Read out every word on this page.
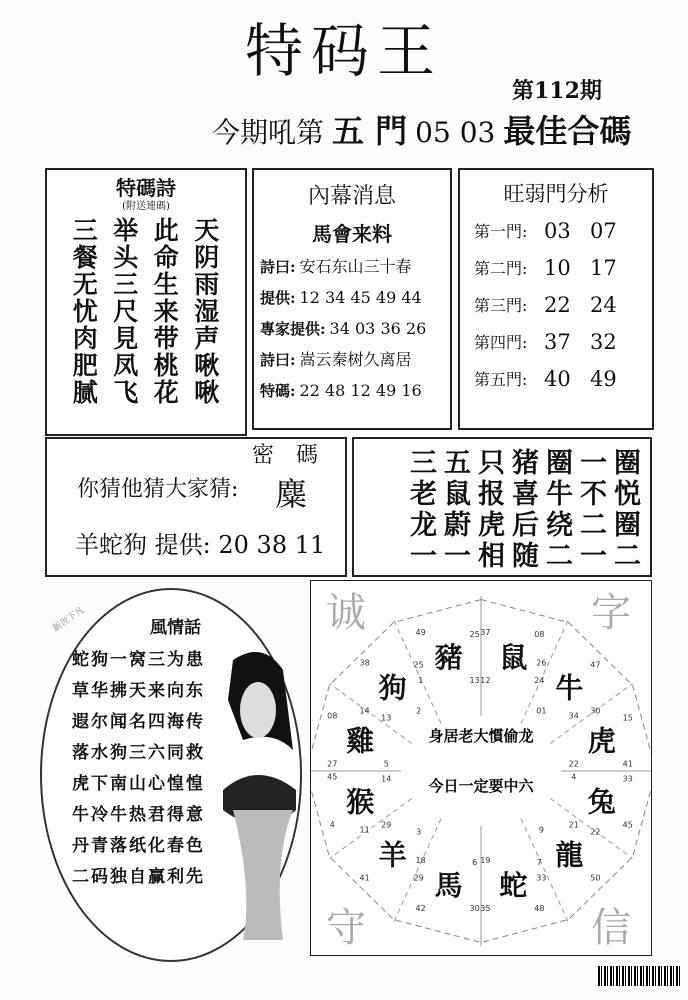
特码王
第112期
今期吼第 五 門 05 03 最佳合碼
特碼詩
(附送連碼)
三 举 此 天
餐 头 命 阴
无 三 生 雨
忧 尺 来 湿
肉 見 带 声
肥 凤 桃 啾
腻 飞 花 啾
內幕消息
馬會来料
詩曰: 安石东山三十春
提供: 12 34 45 49 44
專家提供: 34 03 36 26
詩曰: 嵩云秦树久离居
特碼: 22 48 12 49 16
旺弱門分析
第一門: 03 07
第二門: 10 17
第三門: 22 24
第四門: 37 32
第五門: 40 49
你猜他猜大家猜:
密　碼
麋
羊蛇狗 提供: 20 38 11
三 五 只 猪 圈 一 圈
老 鼠 报 喜 牛 不 悦
龙 蔚 虎 后 绕 二 圈
一 一 相 随 二 一 二
新世下凡	風情話
蛇狗一窝三为患
草华拂天来向东
遐尔闻名四海传
落水狗三六同救
虎下南山心惶惶
牛冷牛热君得意
丹青落纸化春色
二码独自赢利先
鼠
37	08
12	24 牛
26	47
01	30
虎
34	15
22	41
兔
4	33
21	45
龍
9	22
33	50
蛇
19	7
35	48
馬
18	6
42	30
羊
11	3
41	29
猴
45	14
4	29
雞
08	13
27	5
狗
38	25
14	2
豬
49	25
1	13
身居老大慣偷龙
今日一定要中六
诚	字
守	信
